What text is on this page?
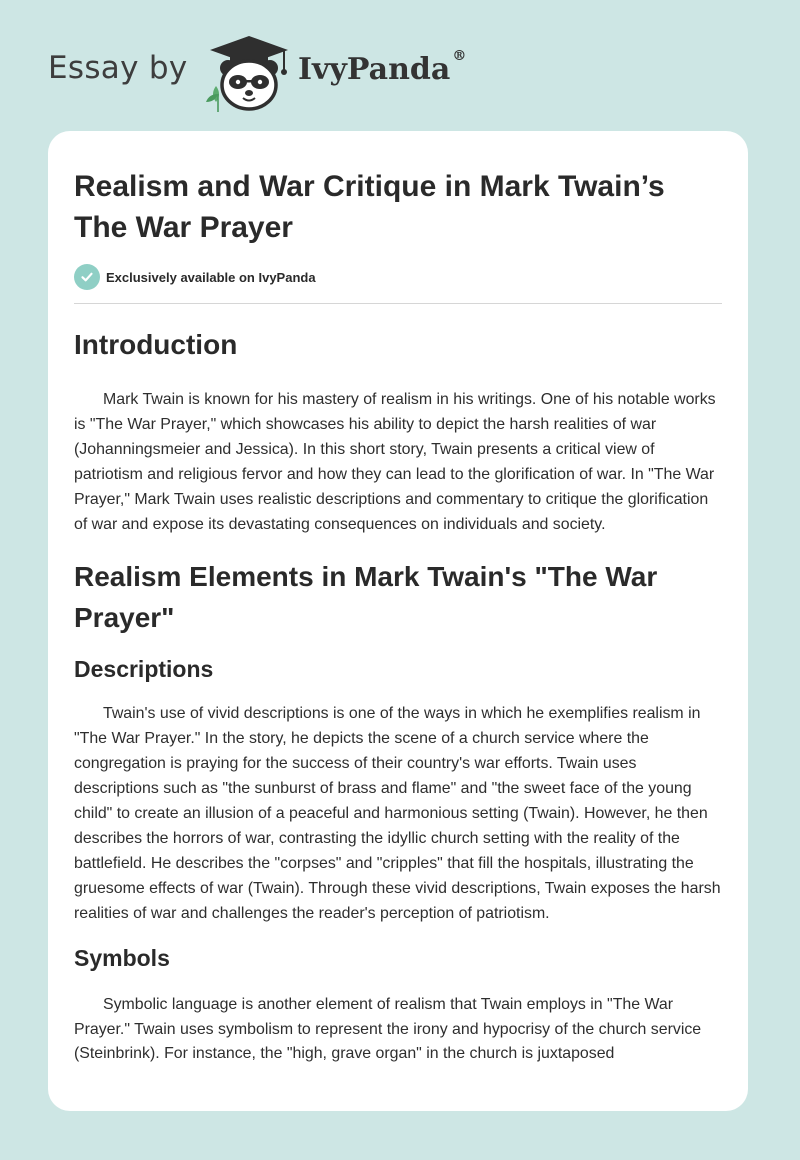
Essay by	IvyPanda ®
Realism and War Critique in Mark Twain’s The War Prayer
Exclusively available on IvyPanda
Introduction

Mark Twain is known for his mastery of realism in his writings. One of his notable works is "The War Prayer," which showcases his ability to depict the harsh realities of war (Johanningsmeier and Jessica). In this short story, Twain presents a critical view of patriotism and religious fervor and how they can lead to the glorification of war. In "The War Prayer," Mark Twain uses realistic descriptions and commentary to critique the glorification of war and expose its devastating consequences on individuals and society.

Realism Elements in Mark Twain's "The War Prayer"
Descriptions

Twain's use of vivid descriptions is one of the ways in which he exemplifies realism in "The War Prayer." In the story, he depicts the scene of a church service where the congregation is praying for the success of their country's war efforts. Twain uses descriptions such as "the sunburst of brass and flame" and "the sweet face of the young child" to create an illusion of a peaceful and harmonious setting (Twain). However, he then describes the horrors of war, contrasting the idyllic church setting with the reality of the battlefield. He describes the "corpses" and "cripples" that fill the hospitals, illustrating the gruesome effects of war (Twain). Through these vivid descriptions, Twain exposes the harsh realities of war and challenges the reader's perception of patriotism.

Symbols

Symbolic language is another element of realism that Twain employs in "The War Prayer." Twain uses symbolism to represent the irony and hypocrisy of the church service (Steinbrink). For instance, the "high, grave organ" in the church is juxtaposed
